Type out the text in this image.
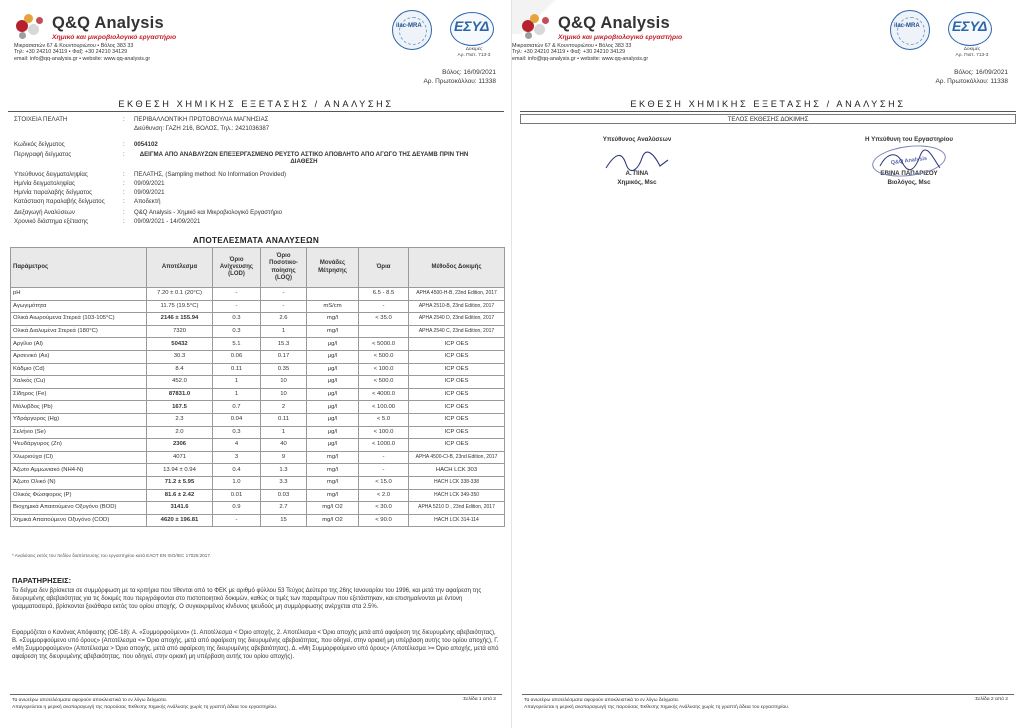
Q&Q Analysis
Χημικό και μικροβιολογικό εργαστήριο
Μικρασιατών 67 & Κουντουριώτου • Βόλος 383 33
Τηλ: +30 24210 34119 • Φαξ: +30 24210 34129
email: info@qq-analysis.gr • website: www.qq-analysis.gr
ilac-MRA ΕΣΥΔ
Δοκιμές
Αρ. Πιστ. 713-3
Βόλος: 16/09/2021
Αρ. Πρωτοκόλλου: 11338
ΕΚΘΕΣΗ ΧΗΜΙΚΗΣ ΕΞΕΤΑΣΗΣ / ΑΝΑΛΥΣΗΣ
ΣΤΟΙΧΕΙΑ ΠΕΛΑΤΗ	: ΠΕΡΙΒΑΛΛΟΝΤΙΚΗ ΠΡΩΤΟΒΟΥΛΙΑ ΜΑΓΝΗΣΙΑΣ
Διεύθυνση: ΓΑΖΗ 216, ΒΟΛΟΣ, Τηλ.: 2421036387
Κωδικός δείγματος	: 0054102
Περιγραφή δείγματος	:	ΔΕΙΓΜΑ ΑΠΟ ΑΝΑΒΛΥΖΩΝ ΕΠΕΞΕΡΓΑΣΜΕΝΟ ΡΕΥΣΤΟ ΑΣΤΙΚΟ ΑΠΟΒΛΗΤΟ ΑΠΟ ΑΓΩΓΟ ΤΗΣ ΔΕΥΑΜΒ ΠΡΙΝ ΤΗΝ ΔΙΑΘΕΣΗ
Υπεύθυνος δειγματοληψίας	: ΠΕΛΑΤΗΣ, (Sampling method: No Information Provided)
Ημ/νία δειγματοληψίας	: 09/09/2021
Ημ/νία παραλαβής δείγματος	: 09/09/2021
Κατάσταση παραλαβής δείγματος	: Αποδεκτή
Διεξαγωγή Αναλύσεων	: Q&Q Analysis - Χημικό και Μικροβιολογικό Εργαστήριο
Χρονικό διάστημα εξέτασης	: 09/09/2021 - 14/09/2021
ΑΠΟΤΕΛΕΣΜΑΤΑ ΑΝΑΛΥΣΕΩΝ
Παράμετρος	Αποτέλεσμα	Όριο Ανίχνευσης (LOD)	Όριο Ποσοτικο-ποίησης (LOQ)	Μονάδες Μέτρησης	Όρια	Μέθοδος Δοκιμής
pH	7.20 ± 0.1 (20°C)	-	-		6.5 - 8.5	APHA 4500-H-B, 23nd Edition, 2017
Αγωγιμότητα	11.75 (19.5°C)	-	-	mS/cm	-	APHA 2510-B, 23nd Edition, 2017
Ολικά Αιωρούμενα Στερεά (103-105°C)	2146 ± 155.94	0.3	2.6	mg/l	< 35.0	APHA 2540 D, 23nd Edition, 2017
Ολικά Διαλυμένα Στερεά (180°C)	7320	0.3	1	mg/l		APHA 2540 C, 23nd Edition, 2017
Αργίλιο (Al)	50432	5.1	15.3	μg/l	< 5000.0	ICP OES
Αρσενικό (As)	30.3	0.06	0.17	μg/l	< 500.0	ICP OES
Κάδμιο (Cd)	8.4	0.11	0.35	μg/l	< 100.0	ICP OES
Χαλκός (Cu)	452.0	1	10	μg/l	< 500.0	ICP OES
Σίδηρος (Fe)	87831.0	1	10	μg/l	< 4000.0	ICP OES
Μόλυβδος (Pb)	167.5	0.7	2	μg/l	< 100.00	ICP OES
Υδράργυρος (Hg)	2.3	0.04	0.11	μg/l	< 5.0	ICP OES
Σελήνιο (Se)	2.0	0.3	1	μg/l	< 100.0	ICP OES
Ψευδάργυρος (Zn)	2306	4	40	μg/l	< 1000.0	ICP OES
Χλωριούχα (Cl)	4071	3	9	mg/l	-	APHA 4500-Cl-B, 23nd Edition, 2017
Άζωτο Αμμωνιακό (NH4-N)	13.94 ± 0.94	0.4	1.3	mg/l	-	HACH LCK 303
Άζωτο Ολικό (N)	71.2 ± 5.95	1.0	3.3	mg/l	< 15.0	HACH LCK 338-338
Ολικός Φώσφορος (P)	81.6 ± 2.42	0.01	0.03	mg/l	< 2.0	HACH LCK 349-350
Βιοχημικά Απαιτούμενο Οξυγόνο (BOD)	3141.6	0.9	2.7	mg/l O2	< 30.0	APHA 5210 D , 23nd Edition, 2017
Χημικά Απαιτούμενο Οξυγόνο (COD)	4620 ± 196.81	-	15	mg/l O2	< 90.0	HACH LCK 314-114
* Αναλύσεις εκτός του πεδίου διαπίστευσης του εργαστηρίου κατά ΕΛΟΤ ΕΝ ISO/IEC 17025:2017.
ΠΑΡΑΤΗΡΗΣΕΙΣ:
Το δείγμα δεν βρίσκεται σε συμμόρφωση με τα κριτήρια που τίθενται από το ΦΕΚ με αριθμό φύλλου 53 Τεύχος Δεύτερο της 26ης Ιανουαρίου του 1996, και μετά την αφαίρεση της διευρυμένης αβεβαιότητας για τις δοκιμές που περιγράφονται στο πιστοποιητικό δοκιμών, καθώς οι τιμές των παραμέτρων που εξετάστηκαν, και επισημαίνονται με έντονη γραμματοσειρά, βρίσκονται ξεκάθαρα εκτός του ορίου αποχής. Ο συγκεκριμένος κίνδυνος ψευδούς μη συμμόρφωσης ανέρχεται στα 2.5%.
Εφαρμόζεται ο Κανόνας Απόφασης (ΟΕ-18): Α. «Συμμορφούμενο» (1. Αποτέλεσμα < Όριο αποχής, 2. Αποτέλεσμα < Όριο αποχής μετά από αφαίρεση της διευρυμένης αβεβαιότητας), Β. «Συμμορφούμενο υπό όρους» (Αποτέλεσμα <= Όριο αποχής, μετά από αφαίρεση της διευρυμένης αβεβαιότητας, που οδηγεί, στην οριακή μη υπέρβαση αυτής του ορίου αποχής), Γ. «Μη Συμμορφούμενο» (Αποτέλεσμα > Όριο αποχής, μετά από αφαίρεση της διευρυμένης αβεβαιότητας), Δ. «Μη Συμμορφούμενο υπό όρους» (Αποτέλεσμα >= Όριο αποχής, μετά από αφαίρεση της διευρυμένης αβεβαιότητας, που οδηγεί, στην οριακή μη υπέρβαση αυτής του ορίου αποχής).
Τα ανωτέρω αποτελέσματα αφορούν αποκλειστικά το εν λόγω δείγματα.
Απαγορεύεται η μερική αναπαραγωγή της παρούσας Έκθεσης Χημικής Ανάλυσης χωρίς τη γραπτή άδεια του εργαστηρίου.
Σελίδα 1 από 2
Q&Q Analysis
Χημικό και μικροβιολογικό εργαστήριο
Μικρασιατών 67 & Κουντουριώτου • Βόλος 383 33
Τηλ: +30 24210 34119 • Φαξ: +30 24210 34129
email: info@qq-analysis.gr • website: www.qq-analysis.gr
ilac-MRA ΕΣΥΔ
Δοκιμές
Αρ. Πιστ. 713-3
Βόλος: 16/09/2021
Αρ. Πρωτοκόλλου: 11338
ΕΚΘΕΣΗ ΧΗΜΙΚΗΣ ΕΞΕΤΑΣΗΣ / ΑΝΑΛΥΣΗΣ
ΤΕΛΟΣ ΕΚΘΕΣΗΣ ΔΟΚΙΜΗΣ
Υπεύθυνος Αναλύσεων
Α. ΠΙΝΑ
Χημικός, Msc
Η Υπεύθυνη του Εργαστηρίου
Q&Q Analysis
ΕΒΙΝΑ ΠΑΠΑΡΙΖΟΥ
Βιολόγος, Msc
Τα ανωτέρω αποτελέσματα αφορούν αποκλειστικά το εν λόγω δείγματα.
Απαγορεύεται η μερική αναπαραγωγή της παρούσας Έκθεσης Χημικής Ανάλυσης χωρίς τη γραπτή άδεια του εργαστηρίου.
Σελίδα 2 από 2
